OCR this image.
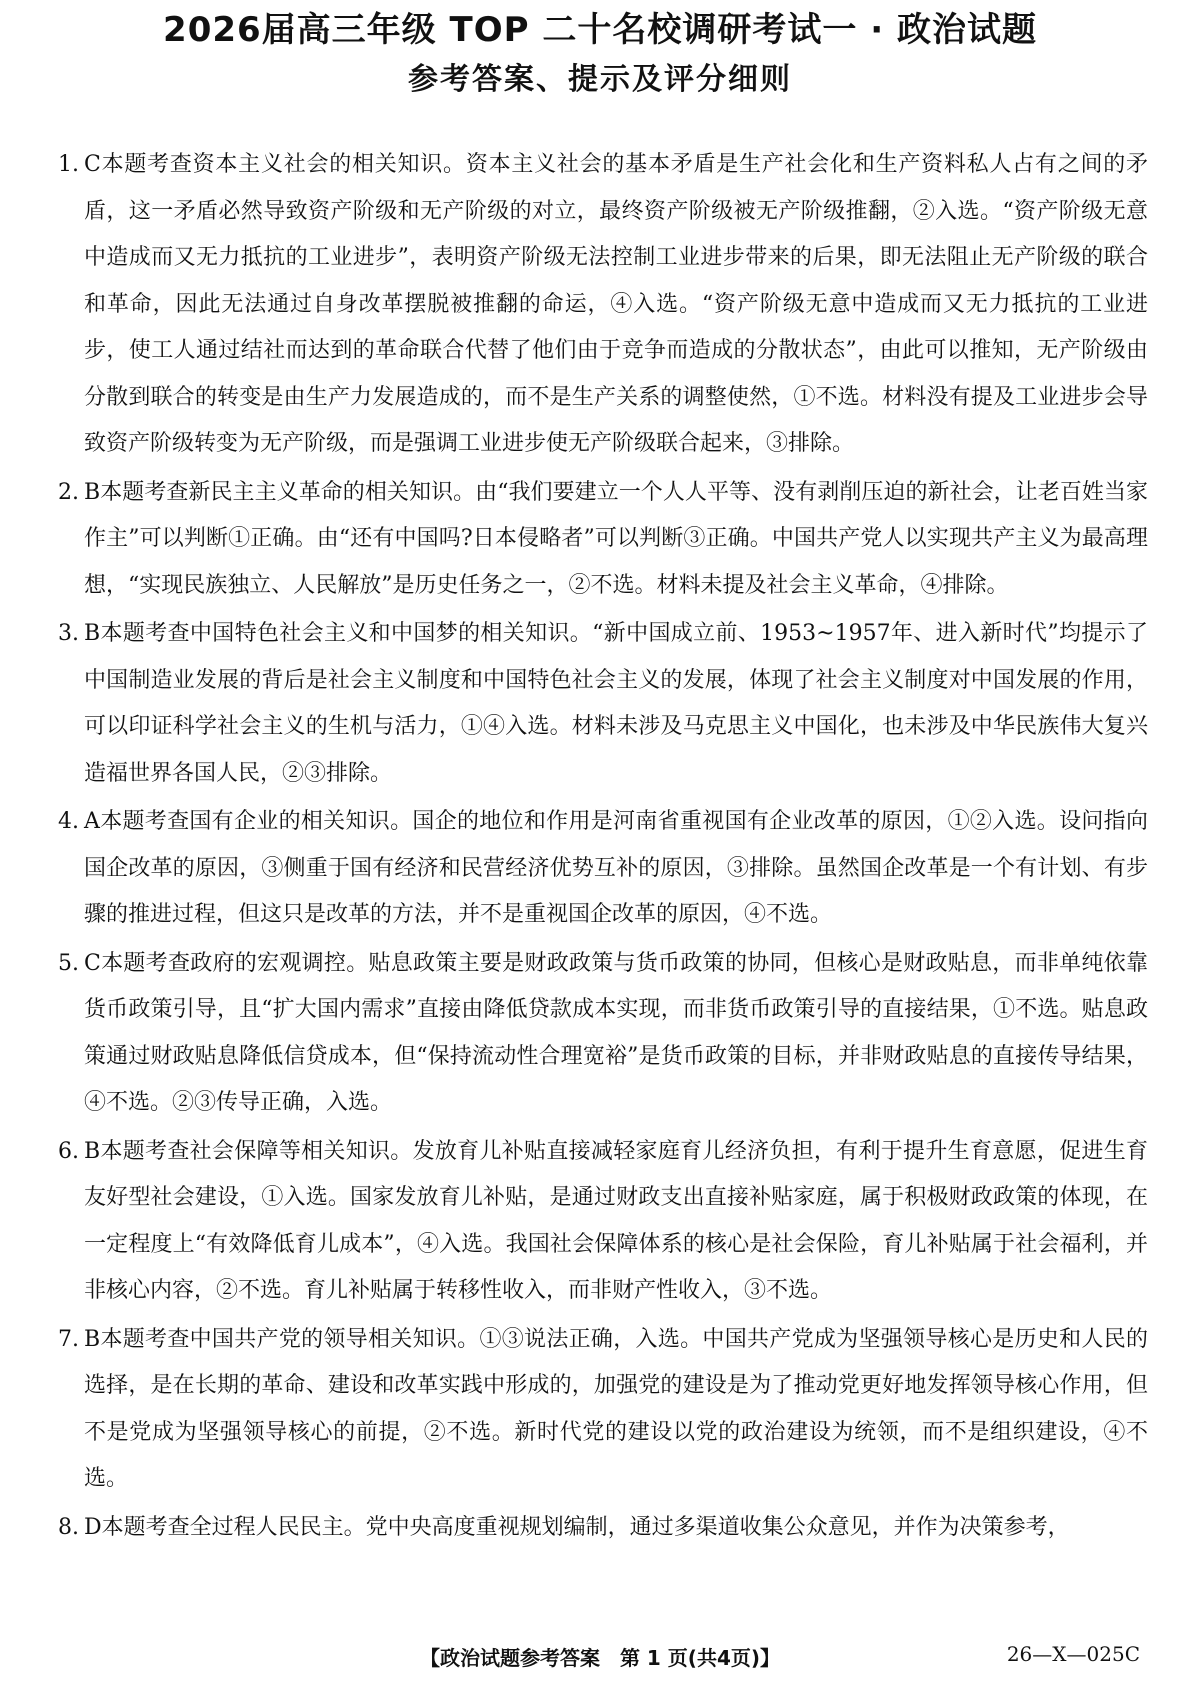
2026届高三年级 TOP 二十名校调研考试一 · 政治试题
参考答案、提示及评分细则
1. C本题考查资本主义社会的相关知识。资本主义社会的基本矛盾是生产社会化和生产资料私人占有之间的矛盾，这一矛盾必然导致资产阶级和无产阶级的对立，最终资产阶级被无产阶级推翻，②入选。“资产阶级无意中造成而又无力抵抗的工业进步”，表明资产阶级无法控制工业进步带来的后果，即无法阻止无产阶级的联合和革命，因此无法通过自身改革摆脱被推翻的命运，④入选。“资产阶级无意中造成而又无力抵抗的工业进步，使工人通过结社而达到的革命联合代替了他们由于竞争而造成的分散状态”，由此可以推知，无产阶级由分散到联合的转变是由生产力发展造成的，而不是生产关系的调整使然，①不选。材料没有提及工业进步会导致资产阶级转变为无产阶级，而是强调工业进步使无产阶级联合起来，③排除。
2. B本题考查新民主主义革命的相关知识。由“我们要建立一个人人平等、没有剥削压迫的新社会，让老百姓当家作主”可以判断①正确。由“还有中国吗?日本侵略者”可以判断③正确。中国共产党人以实现共产主义为最高理想，“实现民族独立、人民解放”是历史任务之一，②不选。材料未提及社会主义革命，④排除。
3. B本题考查中国特色社会主义和中国梦的相关知识。“新中国成立前、1953~1957年、进入新时代”均提示了中国制造业发展的背后是社会主义制度和中国特色社会主义的发展，体现了社会主义制度对中国发展的作用，可以印证科学社会主义的生机与活力，①④入选。材料未涉及马克思主义中国化，也未涉及中华民族伟大复兴造福世界各国人民，②③排除。
4. A本题考查国有企业的相关知识。国企的地位和作用是河南省重视国有企业改革的原因，①②入选。设问指向国企改革的原因，③侧重于国有经济和民营经济优势互补的原因，③排除。虽然国企改革是一个有计划、有步骤的推进过程，但这只是改革的方法，并不是重视国企改革的原因，④不选。
5. C本题考查政府的宏观调控。贴息政策主要是财政政策与货币政策的协同，但核心是财政贴息，而非单纯依靠货币政策引导，且“扩大国内需求”直接由降低贷款成本实现，而非货币政策引导的直接结果，①不选。贴息政策通过财政贴息降低信贷成本，但“保持流动性合理宽裕”是货币政策的目标，并非财政贴息的直接传导结果，④不选。②③传导正确，入选。
6. B本题考查社会保障等相关知识。发放育儿补贴直接减轻家庭育儿经济负担，有利于提升生育意愿，促进生育友好型社会建设，①入选。国家发放育儿补贴，是通过财政支出直接补贴家庭，属于积极财政政策的体现，在一定程度上“有效降低育儿成本”，④入选。我国社会保障体系的核心是社会保险，育儿补贴属于社会福利，并非核心内容，②不选。育儿补贴属于转移性收入，而非财产性收入，③不选。
7. B本题考查中国共产党的领导相关知识。①③说法正确，入选。中国共产党成为坚强领导核心是历史和人民的选择，是在长期的革命、建设和改革实践中形成的，加强党的建设是为了推动党更好地发挥领导核心作用，但不是党成为坚强领导核心的前提，②不选。新时代党的建设以党的政治建设为统领，而不是组织建设，④不选。
8. D本题考查全过程人民民主。党中央高度重视规划编制，通过多渠道收集公众意见，并作为决策参考，
【政治试题参考答案　第 1 页(共4页)】	26—X—025C
